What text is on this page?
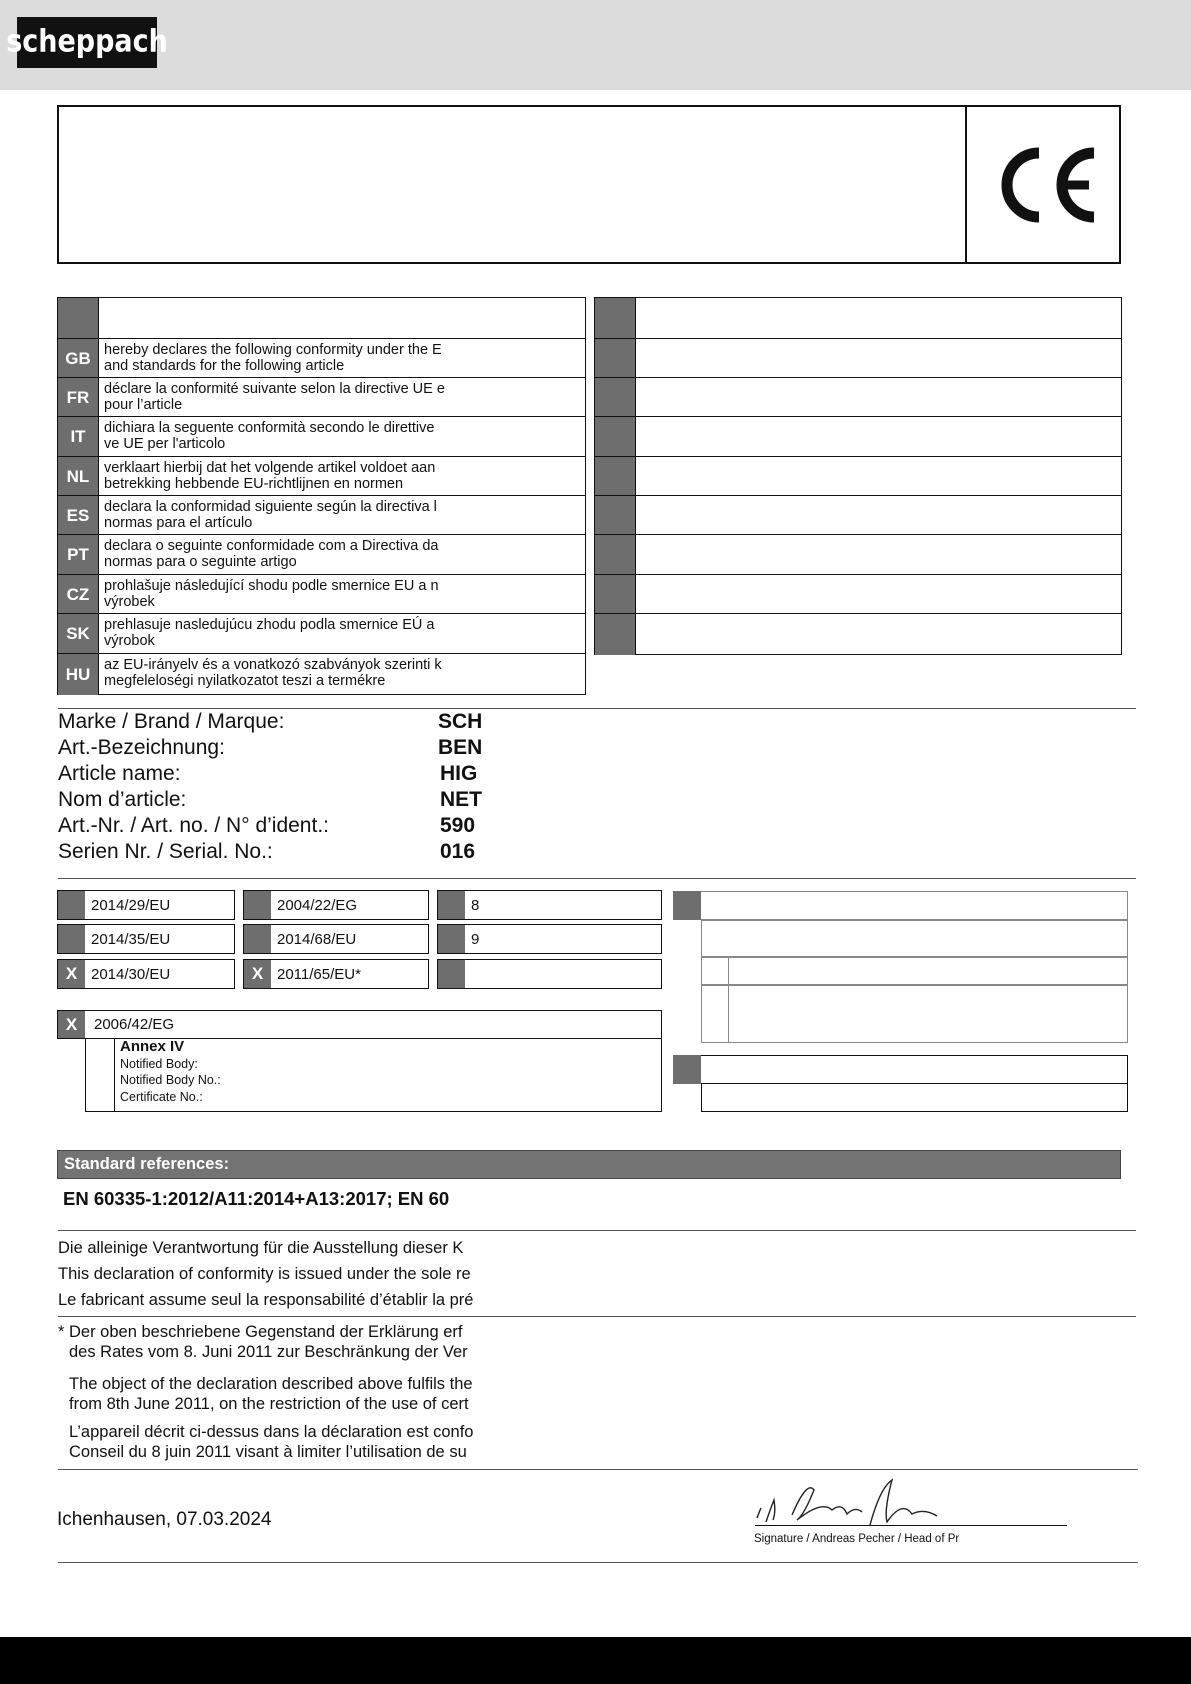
scheppach
GB hereby declares the following conformity under the E
and standards for the following article
FR	déclare la conformité suivante selon la directive UE e
pour l’article
IT	dichiara la seguente conformità secondo le direttive
ve UE per l'articolo
NL	verklaart hierbij dat het volgende artikel voldoet aan
betrekking hebbende EU-richtlijnen en normen
ES	declara la conformidad siguiente según la directiva l
normas para el artículo
PT	declara o seguinte conformidade com a Directiva da
normas para o seguinte artigo
CZ	prohlašuje následující shodu podle smernice EU a n
výrobek
SK prehlasuje nasledujúcu zhodu podla smernice EÚ a
výrobok
HU az EU-irányelv és a vonatkozó szabványok szerinti k
megfelelоségi nyilatkozatot teszi a termékre
Marke / Brand / Marque:	SCH
Art.-Bezeichnung:	BEN
Article name:	HIG
Nom d’article:	NET
Art.-Nr. / Art. no. / N° d’ident.:	590
Serien Nr. / Serial. No.:	016
2014/29/EU	2004/22/EG	8
2014/35/EU	2014/68/EU	9
X 2014/30/EU	X 2011/65/EU*
X	2006/42/EG
Annex IV
Notified Body:
Notified Body No.:
Certificate No.:
Standard references:
EN 60335-1:2012/A11:2014+A13:2017; EN 60
Die alleinige Verantwortung für die Ausstellung dieser K
This declaration of conformity is issued under the sole re
Le fabricant assume seul la responsabilité d’établir la pré
* Der oben beschriebene Gegenstand der Erklärung erf
des Rates vom 8. Juni 2011 zur Beschränkung der Ver
The object of the declaration described above fulfils the
from 8th June 2011, on the restriction of the use of cert
L’appareil décrit ci-dessus dans la déclaration est confo
Conseil du 8 juin 2011 visant à limiter l’utilisation de su
Ichenhausen, 07.03.2024
Signature / Andreas Pecher / Head of Pr
